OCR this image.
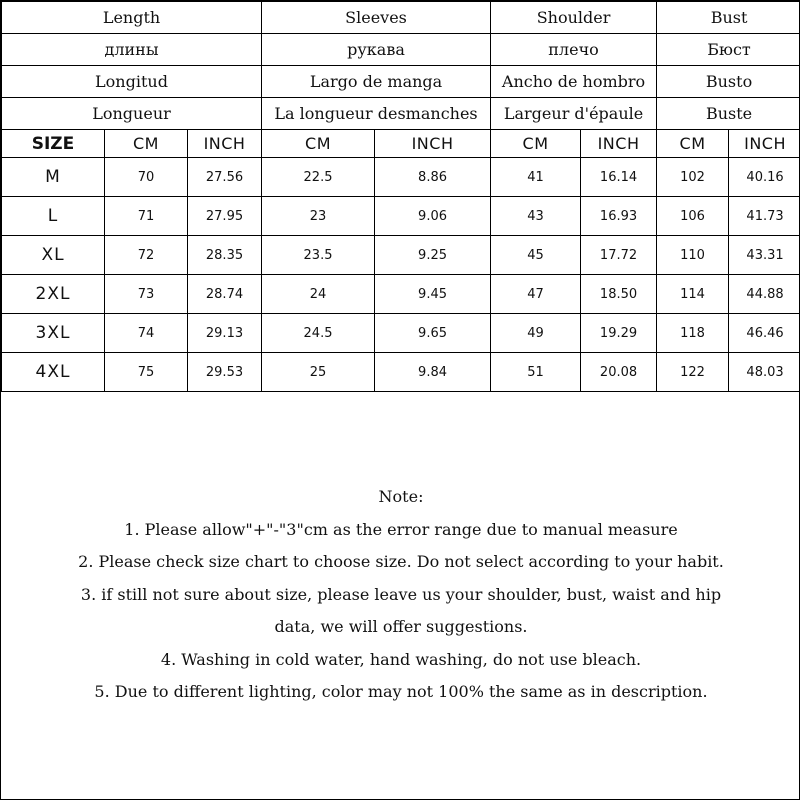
Length			Sleeves		Shoulder		Bust	
длины			рукава		плечо		Бюст	
Longitud			Largo de manga		Ancho de hombro		Busto	
Longueur			La longueur desmanches		Largeur d'épaule		Buste	
SIZE	CM	INCH	CM	INCH	CM	INCH	CM	INCH
M	70	27.56	22.5	8.86	41	16.14	102	40.16
L	71	27.95	23	9.06	43	16.93	106	41.73
XL	72	28.35	23.5	9.25	45	17.72	110	43.31
2XL	73	28.74	24	9.45	47	18.50	114	44.88
3XL	74	29.13	24.5	9.65	49	19.29	118	46.46
4XL	75	29.53	25	9.84	51	20.08	122	48.03
Note:
1. Please allow"+"-"3"cm as the error range due to manual measure
2. Please check size chart to choose size. Do not select according to your habit.
3. if still not sure about size, please leave us your shoulder, bust, waist and hip
data, we will offer suggestions.
4. Washing in cold water, hand washing, do not use bleach.
5. Due to different lighting, color may not 100% the same as in description.
